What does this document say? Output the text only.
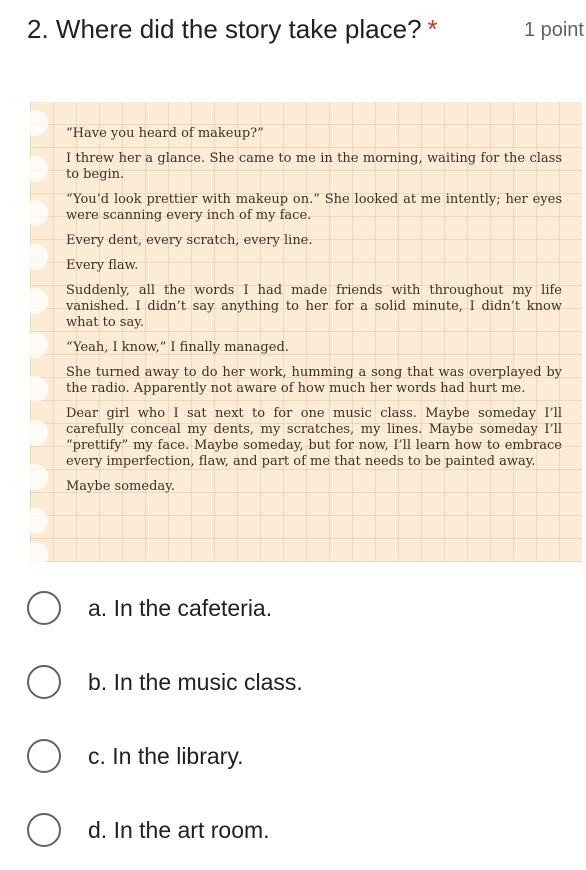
2. Where did the story take place? *	1 point

“Have you heard of makeup?”

I threw her a glance. She came to me in the morning, waiting for the class to begin.

“You’d look prettier with makeup on.” She looked at me intently; her eyes were scanning every inch of my face.

Every dent, every scratch, every line.

Every flaw.

Suddenly, all the words I had made friends with throughout my life vanished. I didn’t say anything to her for a solid minute, I didn’t know what to say.

“Yeah, I know,” I finally managed.

She turned away to do her work, humming a song that was overplayed by the radio. Apparently not aware of how much her words had hurt me.

Dear girl who I sat next to for one music class. Maybe someday I’ll carefully conceal my dents, my scratches, my lines. Maybe someday I’ll “prettify” my face. Maybe someday, but for now, I’ll learn how to embrace every imperfection, flaw, and part of me that needs to be painted away.

Maybe someday.

a. In the cafeteria.
b. In the music class.
c. In the library.
d. In the art room.
